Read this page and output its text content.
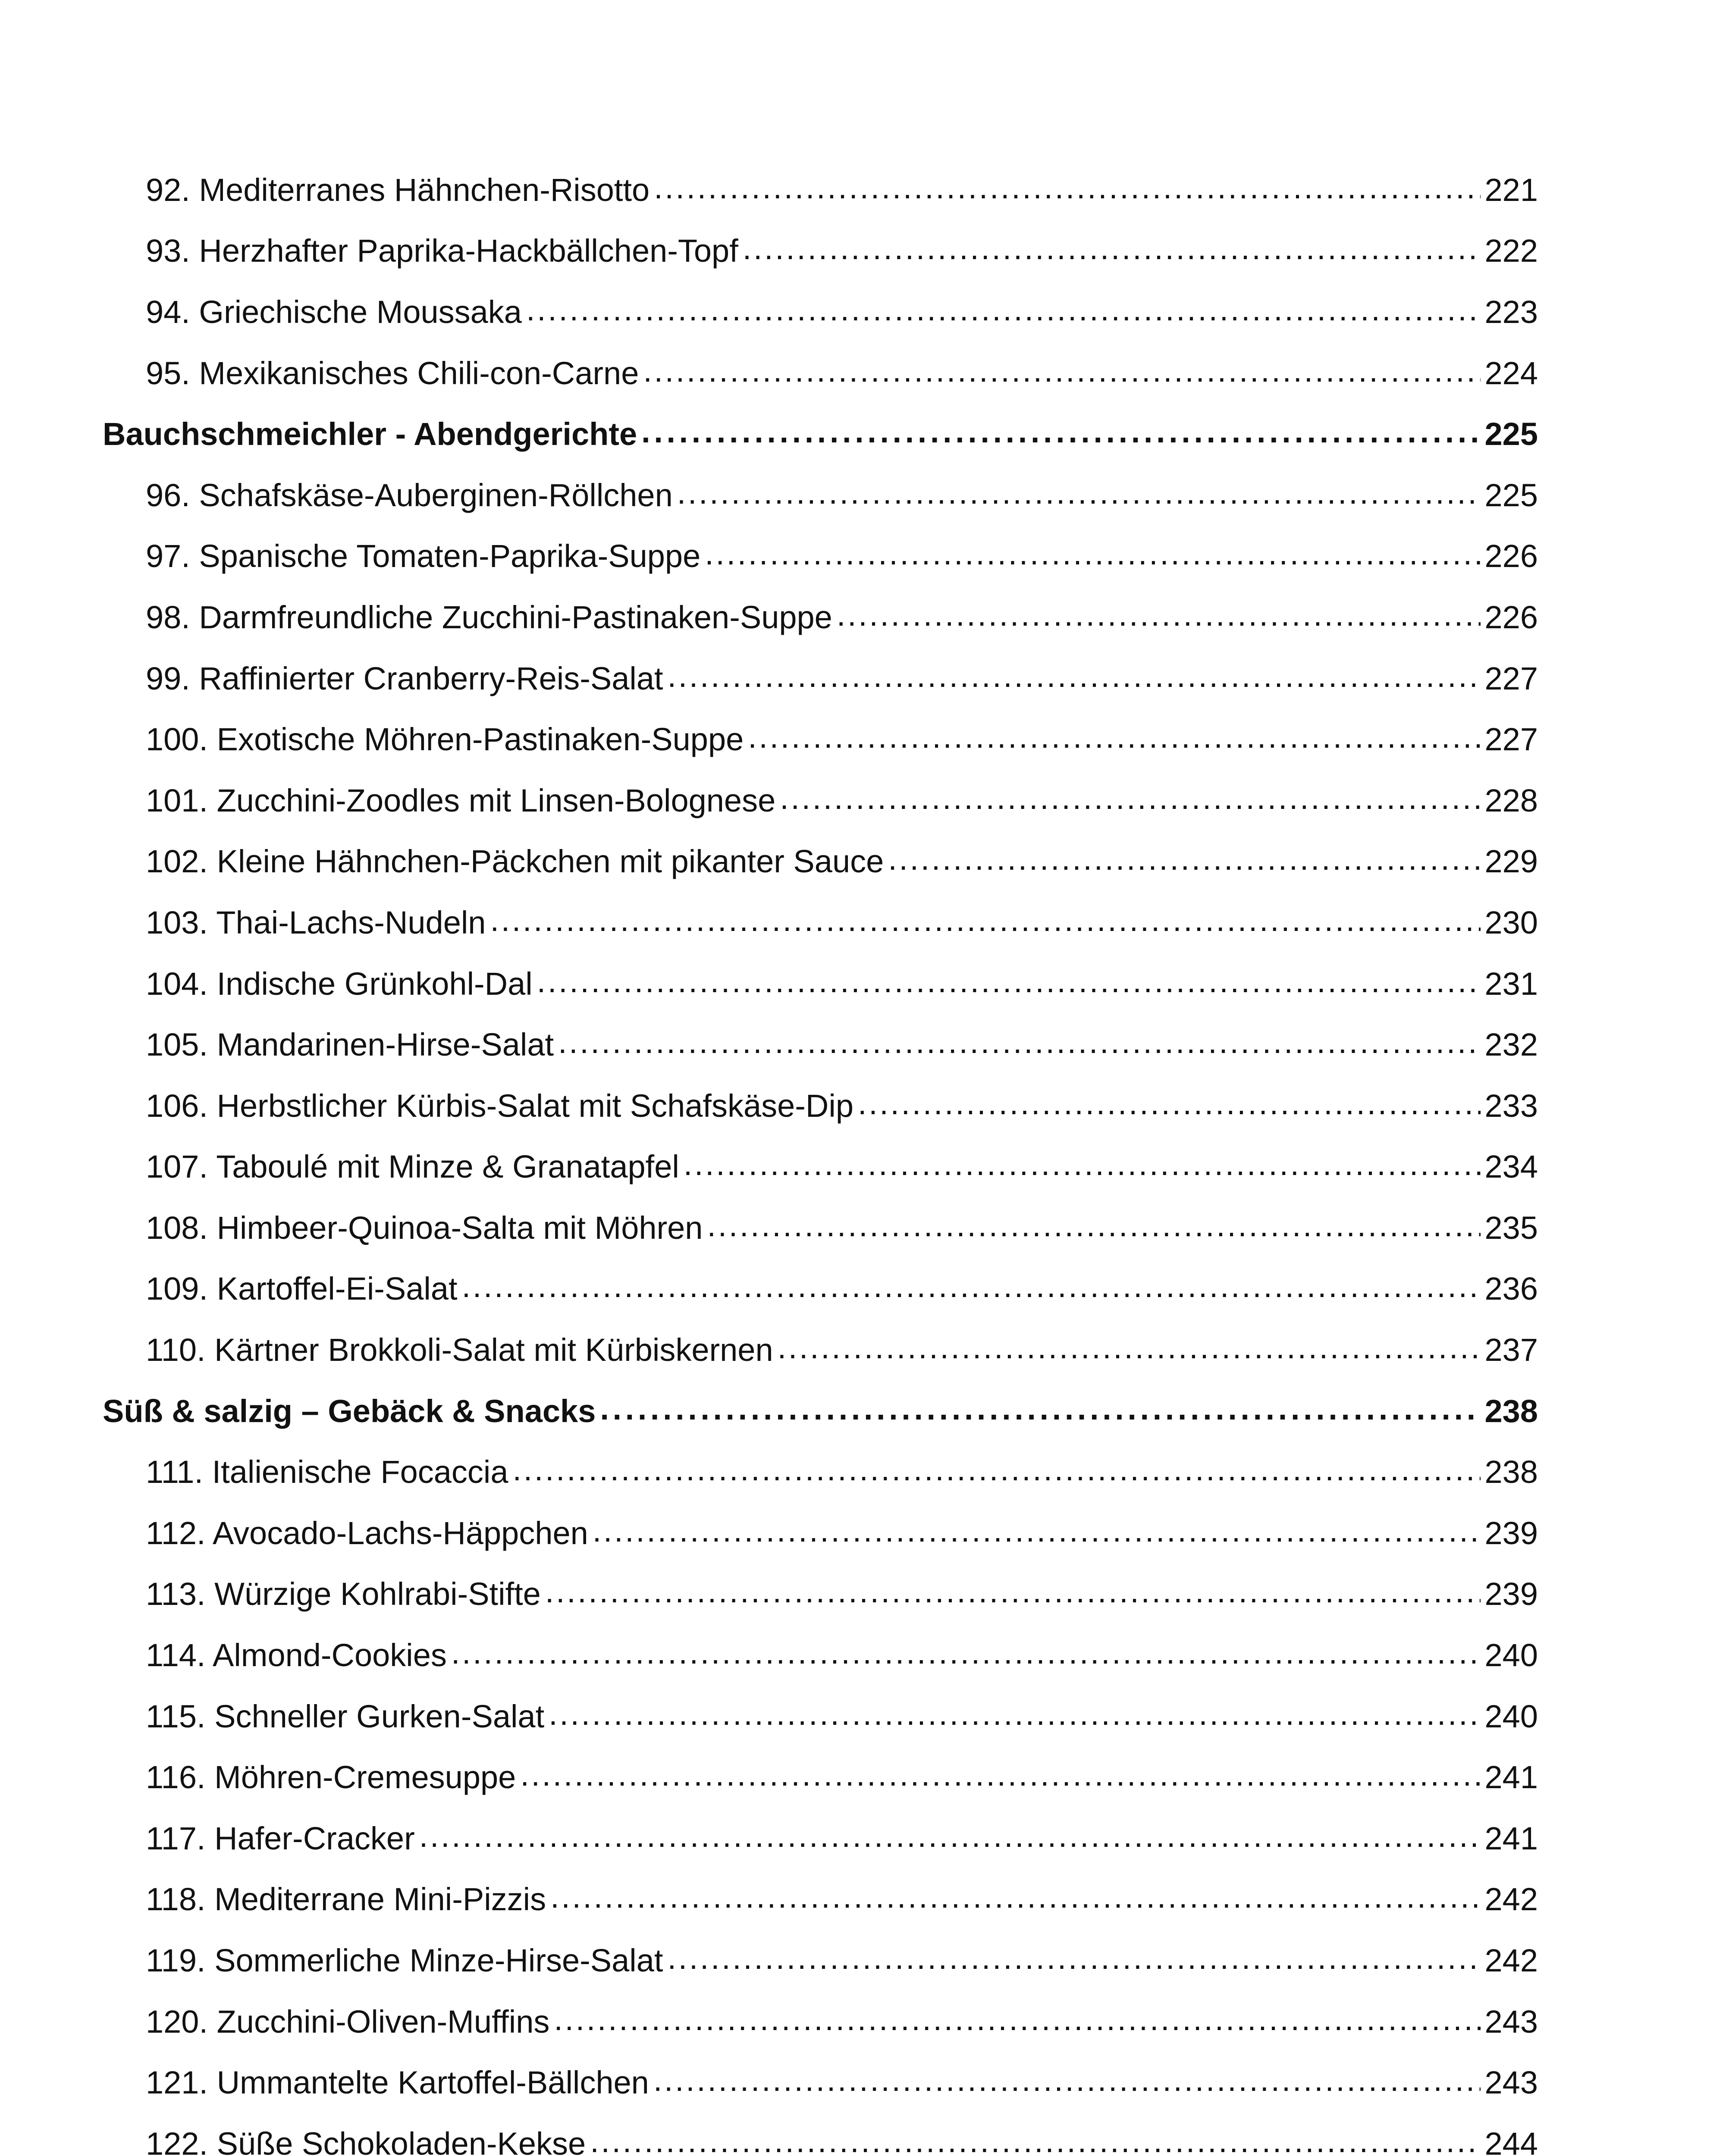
92. Mediterranes Hähnchen-Risotto . . .	221
93. Herzhafter Paprika-Hackbällchen-Topf . . .	222
94. Griechische Moussaka . . .	223
95. Mexikanisches Chili-con-Carne . . .	224
Bauchschmeichler - Abendgerichte . . .	225
96. Schafskäse-Auberginen-Röllchen . . .	225
97. Spanische Tomaten-Paprika-Suppe . . .	226
98. Darmfreundliche Zucchini-Pastinaken-Suppe . . .	226
99. Raffinierter Cranberry-Reis-Salat . . .	227
100. Exotische Möhren-Pastinaken-Suppe . . .	227
101. Zucchini-Zoodles mit Linsen-Bolognese . . .	228
102. Kleine Hähnchen-Päckchen mit pikanter Sauce . . .	229
103. Thai-Lachs-Nudeln . . .	230
104. Indische Grünkohl-Dal . . .	231
105. Mandarinen-Hirse-Salat . . .	232
106. Herbstlicher Kürbis-Salat mit Schafskäse-Dip . . .	233
107. Taboulé mit Minze & Granatapfel . . .	234
108. Himbeer-Quinoa-Salta mit Möhren . . .	235
109. Kartoffel-Ei-Salat . . .	236
110. Kärtner Brokkoli-Salat mit Kürbiskernen . . .	237
Süß & salzig – Gebäck & Snacks . . .	238
111. Italienische Focaccia . . .	238
112. Avocado-Lachs-Häppchen . . .	239
113. Würzige Kohlrabi-Stifte . . .	239
114. Almond-Cookies . . .	240
115. Schneller Gurken-Salat . . .	240
116. Möhren-Cremesuppe . . .	241
117. Hafer-Cracker . . .	241
118. Mediterrane Mini-Pizzis . . .	242
119. Sommerliche Minze-Hirse-Salat . . .	242
120. Zucchini-Oliven-Muffins . . .	243
121. Ummantelte Kartoffel-Bällchen . . .	243
122. Süße Schokoladen-Kekse . . .	244
